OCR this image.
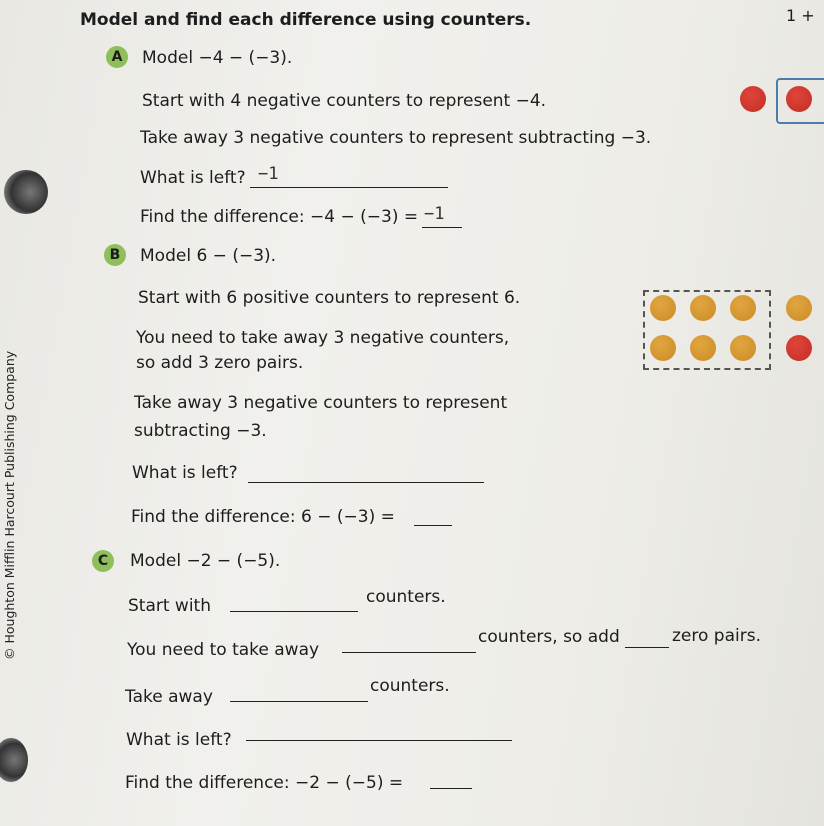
© Houghton Mifflin Harcourt Publishing Company
1 +
Model and find each difference using counters.
A	Model −4 − (−3).
Start with 4 negative counters to represent −4.
Take away 3 negative counters to represent subtracting −3.
What is left? −1
Find the difference: −4 − (−3) = −1
B	Model 6 − (−3).
Start with 6 positive counters to represent 6.
You need to take away 3 negative counters,
so add 3 zero pairs.
Take away 3 negative counters to represent
subtracting −3.
What is left?
Find the difference: 6 − (−3) =
C	Model −2 − (−5).
Start with	counters.
You need to take away
counters, so add	zero pairs.
Take away
counters.
What is left?
Find the difference: −2 − (−5) =
